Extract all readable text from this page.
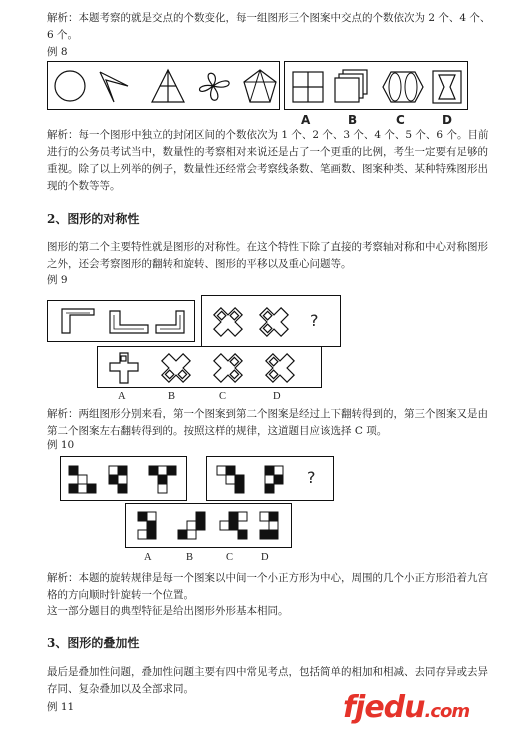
解析：本题考察的就是交点的个数变化，每一组图形三个图案中交点的个数依次为 2 个、4 个、6 个。

例 8
A	B	C	D

解析：每一个图形中独立的封闭区间的个数依次为 1 个、2 个、3 个、4 个、5 个、6 个。目前进行的公务员考试当中，数量性的考察相对来说还是占了一个更重的比例，考生一定要有足够的重视。除了以上列举的例子，数量性还经常会考察线条数、笔画数、图案种类、某种特殊图形出现的个数等等。

2、图形的对称性

图形的第二个主要特性就是图形的对称性。在这个特性下除了直接的考察轴对称和中心对称图形之外，还会考察图形的翻转和旋转、图形的平移以及重心问题等。

例 9
?
A	B	C	D

解析：两组图形分别来看，第一个图案到第二个图案是经过上下翻转得到的，第三个图案又是由第二个图案左右翻转得到的。按照这样的规律，这道题目应该选择 C 项。

例 10
?
A	B	C	D

解析：本题的旋转规律是每一个图案以中间一个小正方形为中心，周围的几个小正方形沿着九宫格的方向顺时针旋转一个位置。

这一部分题目的典型特征是给出图形外形基本相同。

3、图形的叠加性

最后是叠加性问题，叠加性问题主要有四中常见考点，包括简单的相加和相减、去同存异或去异存同、复杂叠加以及全部求同。

例 11	fjedu.com
